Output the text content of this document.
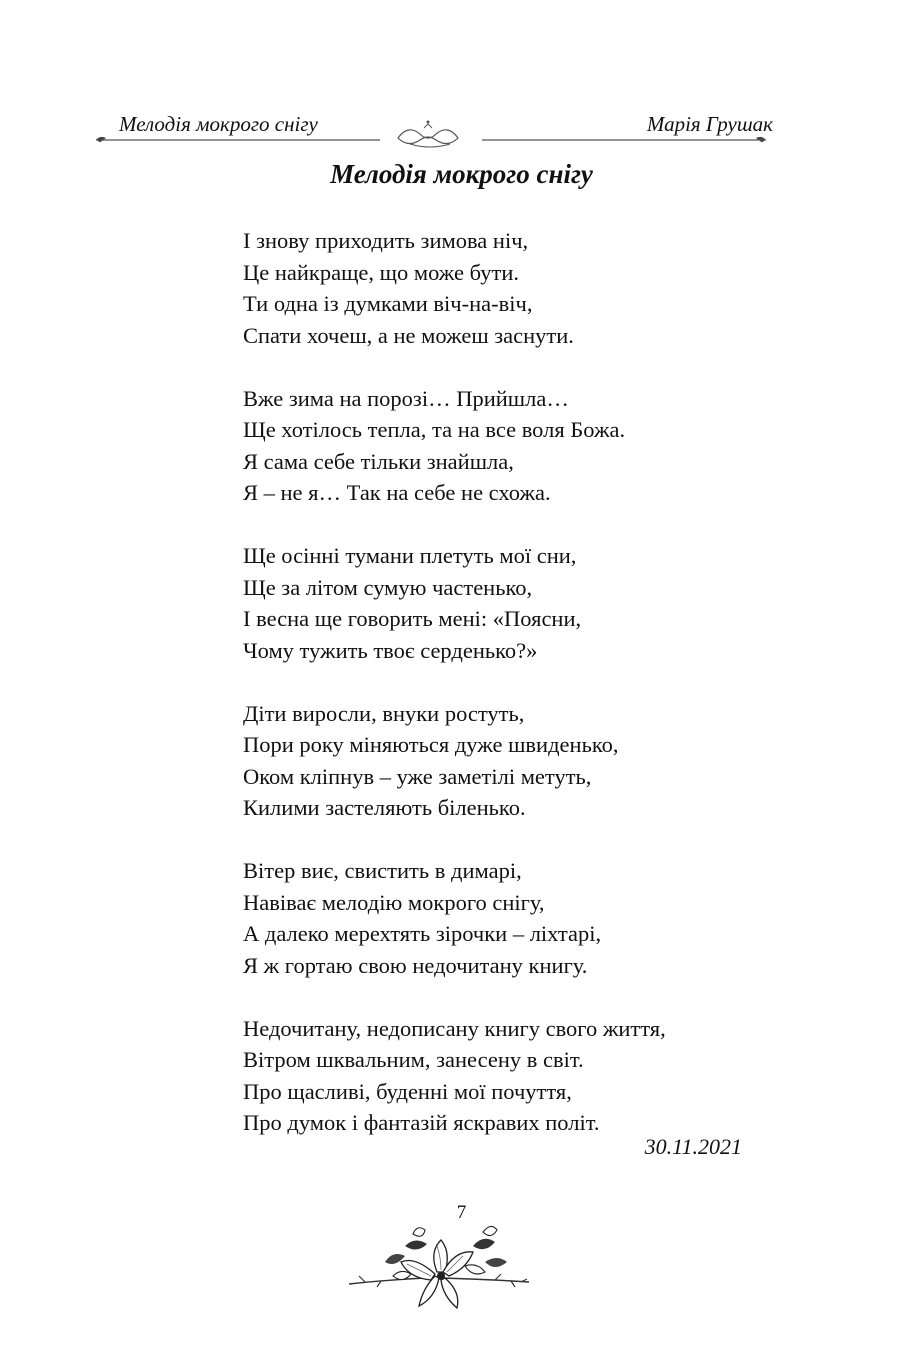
Мелодія мокрого снігу	Марія Грушак
Мелодія мокрого снігу
І знову приходить зимова ніч,
Це найкраще, що може бути.
Ти одна із думками віч-на-віч,
Спати хочеш, а не можеш заснути.
Вже зима на порозі… Прийшла…
Ще хотілось тепла, та на все воля Божа.
Я сама себе тільки знайшла,
Я – не я… Так на себе не схожа.
Ще осінні тумани плетуть мої сни,
Ще за літом сумую частенько,
І весна ще говорить мені: «Поясни,
Чому тужить твоє серденько?»
Діти виросли, внуки ростуть,
Пори року міняються дуже швиденько,
Оком кліпнув – уже заметілі метуть,
Килими застеляють біленько.
Вітер виє, свистить в димарі,
Навіває мелодію мокрого снігу,
А далеко мерехтять зірочки – ліхтарі,
Я ж гортаю свою недочитану книгу.
Недочитану, недописану книгу свого життя,
Вітром шквальним, занесену в світ.
Про щасливі, буденні мої почуття,
Про думок і фантазій яскравих політ.
30.11.2021
7
